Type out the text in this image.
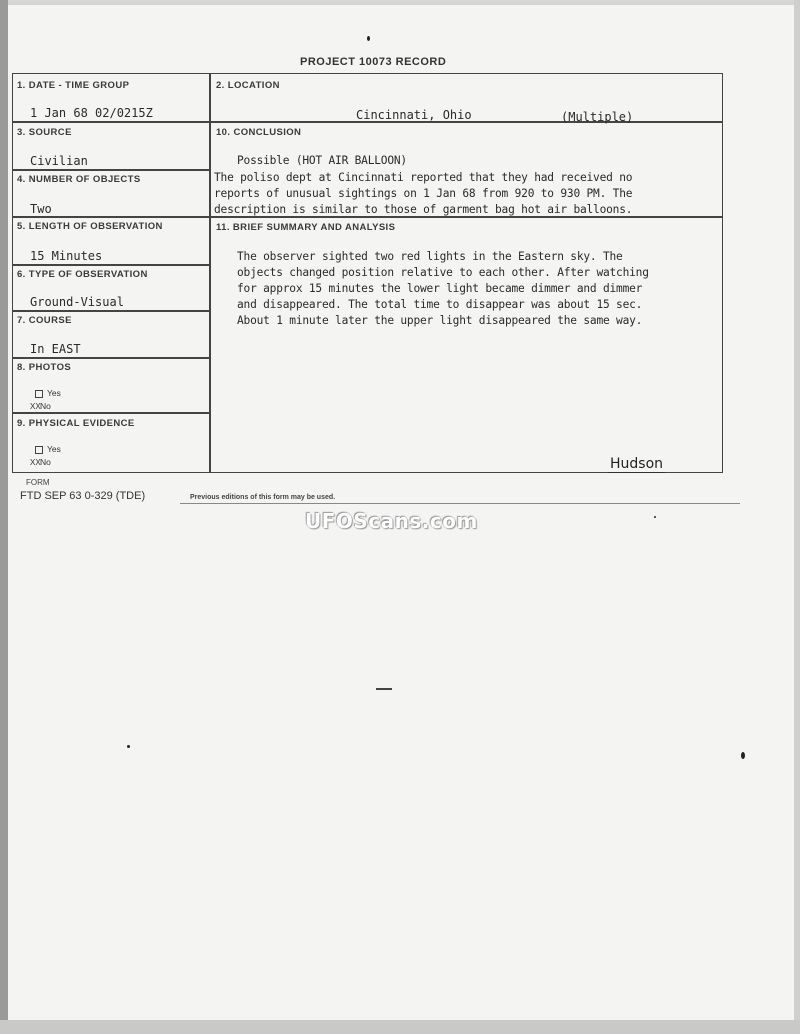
PROJECT 10073 RECORD
1. DATE - TIME GROUP
1 Jan 68 02/0215Z
2. LOCATION
Cincinnati, Ohio	(Multiple)
3. SOURCE
Civilian
4. NUMBER OF OBJECTS
Two
5. LENGTH OF OBSERVATION
15 Minutes
6. TYPE OF OBSERVATION
Ground-Visual
7. COURSE
In EAST
8. PHOTOS
Yes
XXNo
9. PHYSICAL EVIDENCE
Yes
XXNo
10. CONCLUSION
Possible (HOT AIR BALLOON)
The poliso dept at Cincinnati reported that they had received no
reports of unusual sightings on 1 Jan 68 from 920 to 930 PM. The
description is similar to those of garment bag hot air balloons.
11. BRIEF SUMMARY AND ANALYSIS
The observer sighted two red lights in the Eastern sky. The
objects changed position relative to each other. After watching
for approx 15 minutes the lower light became dimmer and dimmer
and disappeared. The total time to disappear was about 15 sec.
About 1 minute later the upper light disappeared the same way.
Hudson
FORM
FTD SEP 63 0-329 (TDE)	Previous editions of this form may be used.
UFOScans.com
